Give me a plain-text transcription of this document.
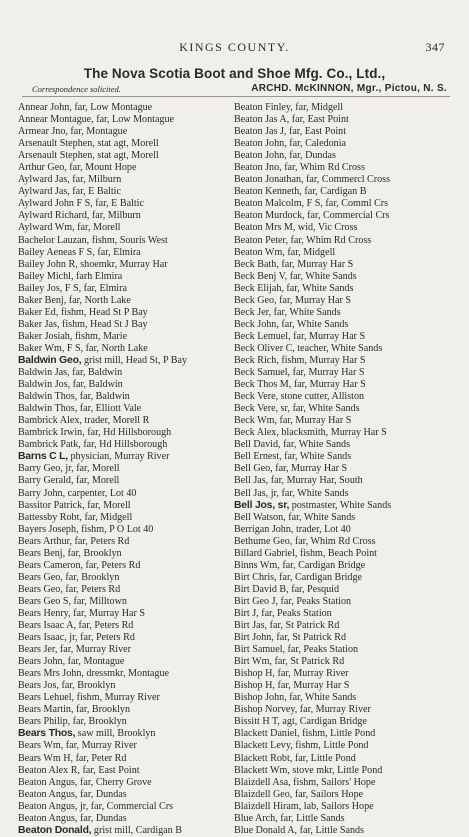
KINGS COUNTY.	347
The Nova Scotia Boot and Shoe Mfg. Co., Ltd.,
Correspondence solicited.	ARCHD. McKINNON, Mgr., Pictou, N. S.
Annear John, far, Low Montague
Annear Montague, far, Low Montague
Armear Jno, far, Montague
Arsenault Stephen, stat agt, Morell
Arsenault Stephen, stat agt, Morell
Arthur Geo, far, Mount Hope
Aylward Jas, far, Milburn
Aylward Jas, far, E Baltic
Aylward John F S, far, E Baltic
Aylward Richard, far, Milburn
Aylward Wm, far, Morell
Bachelor Lauzan, fishm, Souris West
Bailey Aeneas F S, far, Elmira
Bailey John R, shoemkr, Murray Har
Bailey Michl, farh Elmira
Bailey Jos, F S, far, Elmira
Baker Benj, far, North Lake
Baker Ed, fishm, Head St P Bay
Baker Jas, fishm, Head St J Bay
Baker Josiah, fishm, Marie
Baker Wm, F S, far, North Lake
Baldwin Geo, grist mill, Head St, P Bay
Baldwin Jas, far, Baldwin
Baldwin Jos, far, Baldwin
Baldwin Thos, far, Baldwin
Baldwin Thos, far, Elliott Vale
Bambrick Alex, trader, Morell R
Bambrick Irwin, far, Hd Hillsborough
Bambrick Patk, far, Hd Hillsborough
Barns C L, physician, Murray River
Barry Geo, jr, far, Morell
Barry Gerald, far, Morell
Barry John, carpenter, Lot 40
Bassitor Patrick, far, Morell
Battessby Robt, far, Midgell
Bayers Joseph, fishm, P O Lot 40
Bears Arthur, far, Peters Rd
Bears Benj, far, Brooklyn
Bears Cameron, far, Peters Rd
Bears Geo, far, Brooklyn
Bears Geo, far, Peters Rd
Bears Geo S, far, Milltown
Bears Henry, far, Murray Har S
Bears Isaac A, far, Peters Rd
Bears Isaac, jr, far, Peters Rd
Bears Jer, far, Murray River
Bears John, far, Montague
Bears Mrs John, dressmkr, Montague
Bears Jos, far, Brooklyn
Bears Lehuel, fishm, Murray River
Bears Martin, far, Brooklyn
Bears Philip, far, Brooklyn
Bears Thos, saw mill, Brooklyn
Bears Wm, far, Murray River
Bears Wm H, far, Peter Rd
Beaton Alex R, far, East Point
Beaton Angus, far, Cherry Grove
Beaton Angus, far, Dundas
Beaton Angus, jr, far, Commercial Crs
Beaton Angus, far, Dundas
Beaton Donald, grist mill, Cardigan B
Beaton Finley, far, Midgell
Beaton Jas A, far, East Point
Beaton Jas J, far, East Point
Beaton John, far, Caledonia
Beaton John, far, Dundas
Beaton Jno, far, Whim Rd Cross
Beaton Jonathan, far, Commercl Cross
Beaton Kenneth, far, Cardigan B
Beaton Malcolm, F S, far, Comml Crs
Beaton Murdock, far, Commercial Crs
Beaton Mrs M, wid, Vic Cross
Beaton Peter, far, Whim Rd Cross
Beaton Wm, far, Midgell
Beck Bath, far, Murray Har S
Beck Benj V, far, White Sands
Beck Elijah, far, White Sands
Beck Geo, far, Murray Har S
Beck Jer, far, White Sands
Beck John, far, White Sands
Beck Lemuel, far, Murray Har S
Beck Oliver C, teacher, White Sands
Beck Rich, fishm, Murray Har S
Beck Samuel, far, Murray Har S
Beck Thos M, far, Murray Har S
Beck Vere, stone cutter, Alliston
Beck Vere, sr, far, White Sands
Beck Wm, far, Murray Har S
Beck Alex, blacksmith, Murray Har S
Bell David, far, White Sands
Bell Ernest, far, White Sands
Bell Geo, far, Murray Har S
Bell Jas, far, Murray Har, South
Bell Jas, jr, far, White Sands
Bell Jos, sr, postmaster, White Sands
Bell Watson, far, White Sands
Berrigan John, trader, Lot 40
Bethume Geo, far, Whim Rd Cross
Billard Gabriel, fishm, Beach Point
Binns Wm, far, Cardigan Bridge
Birt Chris, far, Cardigan Bridge
Birt David B, far, Pesquid
Birt Geo J, far, Peaks Station
Birt J, far, Peaks Station
Birt Jas, far, St Patrick Rd
Birt John, far, St Patrick Rd
Birt Samuel, far, Peaks Station
Birt Wm, far, St Patrick Rd
Bishop H, far, Murray River
Bishop H, far, Murray Har S
Bishop John, far, White Sands
Bishop Norvey, far, Murray River
Bissitt H T, agt, Cardigan Bridge
Blackett Daniel, fishm, Little Pond
Blackett Levy, fishm, Little Pond
Blackett Robt, far, Little Pond
Blackett Wm, stove mkr, Little Pond
Blaizdell Asa, fishm, Sailors' Hope
Blaizdell Geo, far, Sailors Hope
Blaizdell Hiram, lab, Sailors Hope
Blue Arch, far, Little Sands
Blue Donald A, far, Little Sands
